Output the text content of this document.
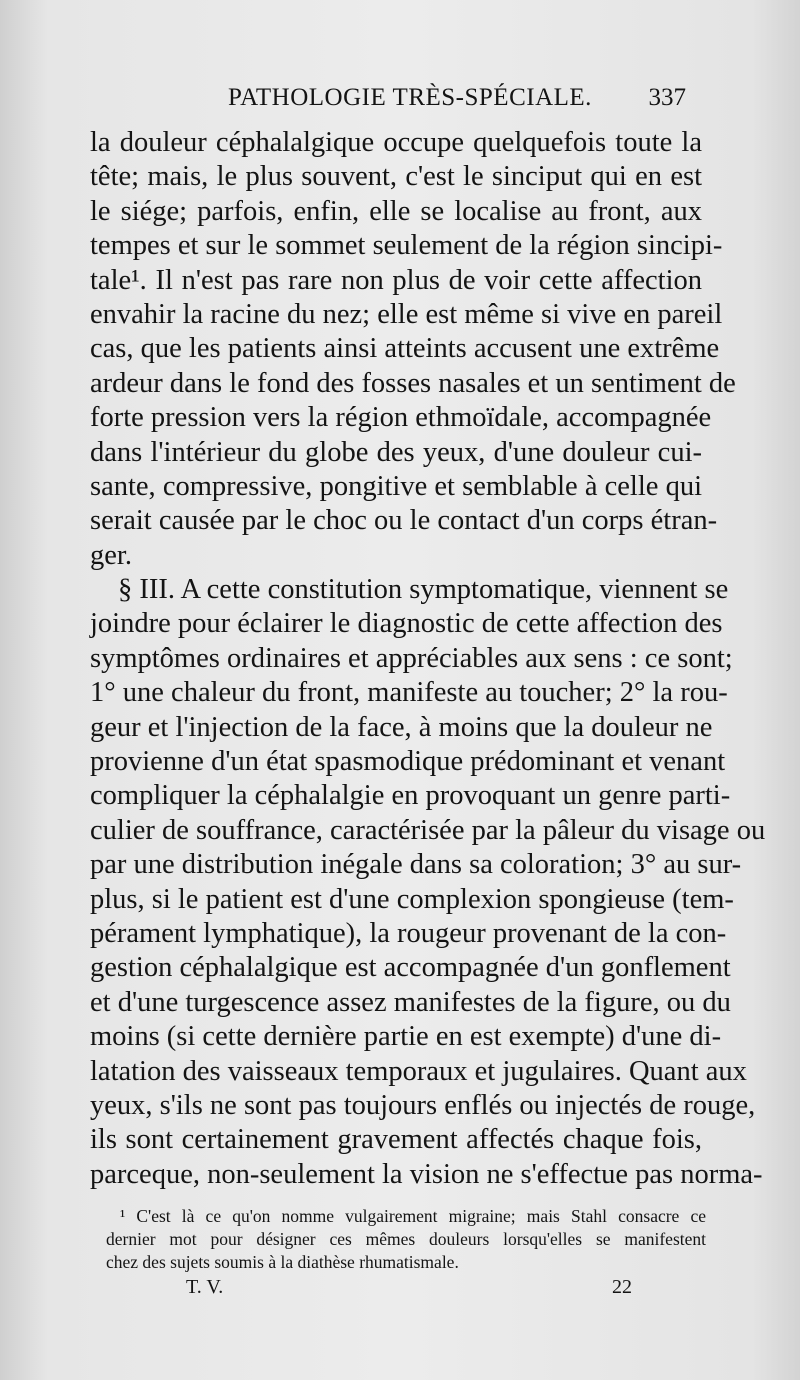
PATHOLOGIE TRÈS-SPÉCIALE. 337
la douleur céphalalgique occupe quelquefois toute la
tête; mais, le plus souvent, c'est le sinciput qui en est
le siége; parfois, enfin, elle se localise au front, aux
tempes et sur le sommet seulement de la région sincipi-
tale¹. Il n'est pas rare non plus de voir cette affection
envahir la racine du nez; elle est même si vive en pareil
cas, que les patients ainsi atteints accusent une extrême
ardeur dans le fond des fosses nasales et un sentiment de
forte pression vers la région ethmoïdale, accompagnée
dans l'intérieur du globe des yeux, d'une douleur cui-
sante, compressive, pongitive et semblable à celle qui
serait causée par le choc ou le contact d'un corps étran-
ger.
§ III. A cette constitution symptomatique, viennent se
joindre pour éclairer le diagnostic de cette affection des
symptômes ordinaires et appréciables aux sens : ce sont;
1° une chaleur du front, manifeste au toucher; 2° la rou-
geur et l'injection de la face, à moins que la douleur ne
provienne d'un état spasmodique prédominant et venant
compliquer la céphalalgie en provoquant un genre parti-
culier de souffrance, caractérisée par la pâleur du visage ou
par une distribution inégale dans sa coloration; 3° au sur-
plus, si le patient est d'une complexion spongieuse (tem-
pérament lymphatique), la rougeur provenant de la con-
gestion céphalalgique est accompagnée d'un gonflement
et d'une turgescence assez manifestes de la figure, ou du
moins (si cette dernière partie en est exempte) d'une di-
latation des vaisseaux temporaux et jugulaires. Quant aux
yeux, s'ils ne sont pas toujours enflés ou injectés de rouge,
ils sont certainement gravement affectés chaque fois,
parceque, non-seulement la vision ne s'effectue pas norma-
¹ C'est là ce qu'on nomme vulgairement migraine; mais Stahl consacre ce
dernier mot pour désigner ces mêmes douleurs lorsqu'elles se manifestent
chez des sujets soumis à la diathèse rhumatismale.
T. V.	22
